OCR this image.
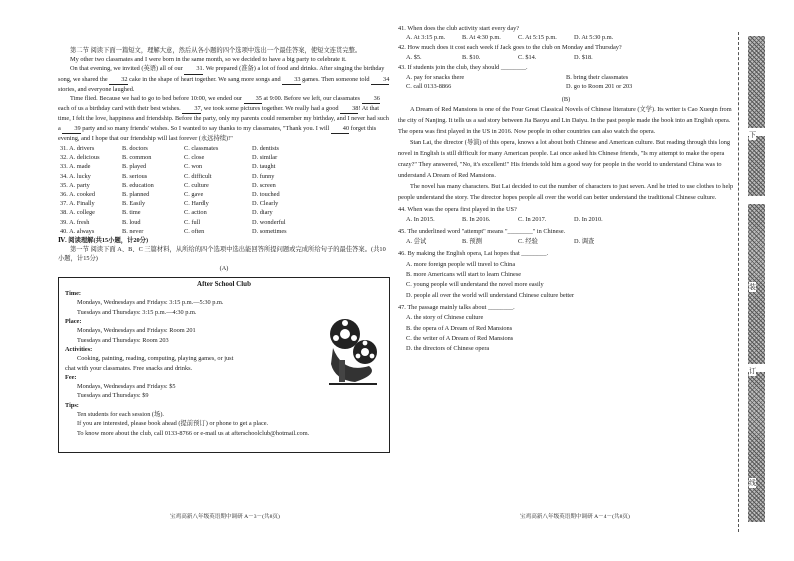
第二节 阅读下面一篇短文，理解大意，然后从各小题的四个选项中选出一个最佳答案，使短文连贯完整。

My other two classmates and I were born in the same month, so we decided to have a big party to celebrate it.

On that evening, we invited (英语) all of our 31. We prepared (准备) a lot of food and drinks. After singing the birthday song, we shared the 32 cake in the shape of heart together. We sang more songs and 33 games. Then someone told 34 stories, and everyone laughed.

Time flied. Because we had to go to bed before 10:00, we ended our 35 at 9:00. Before we left, our classmates 36 each of us a birthday card with their best wishes. 37, we took some pictures together. We really had a good 38! At that time, I felt the love, happiness and friendship. Before the party, only my parents could remember my birthday, and I never had such a 39 party and so many friends' wishes. So I wanted to say thanks to my classmates, "Thank you. I will 40 forget this evening, and I hope that our friendship will last forever (永远持续)!"

31. A. drivers	B. doctors	C. classmates	D. dentists
32. A. delicious	B. common	C. close	D. similar
33. A. made	B. played	C. won	D. taught
34. A. lucky	B. serious	C. difficult	D. funny
35. A. party	B. education	C. culture	D. screen
36. A. cooked	B. planned	C. gave	D. touched
37. A. Finally	B. Easily	C. Hardly	D. Clearly
38. A. college	B. time	C. action	D. diary
39. A. fresh	B. loud	C. full	D. wonderful
40. A. always	B. never	C. often	D. sometimes

Ⅳ. 阅读理解(共15小题，计20分)

第一节 阅读下面 A、B、C 三篇材料，从所给的四个选项中选出能回答所提问题或完成所给句子的最佳答案。(共10小题，计15分)

(A)

After School Club
Time:
Mondays, Wednesdays and Fridays: 3:15 p.m.—5:30 p.m.
Tuesdays and Thursdays: 3:15 p.m.—4:30 p.m.
Place:
Mondays, Wednesdays and Fridays: Room 201
Tuesdays and Thursdays: Room 203
Activities:
Cooking, painting, reading, computing, playing games, or just
chat with your classmates. Free snacks and drinks.
Fee:
Mondays, Wednesdays and Fridays: $5
Tuesdays and Thursdays: $9
Tips:
Ten students for each session (场).
If you are interested, please book ahead (提前预订) or phone to get a place.
To know more about the club, call 0133-8766 or e-mail us at afterschoolclub@hotmail.com.

41. When does the club activity start every day?

A. At 3:15 p.m.	B. At 4:30 p.m.	C. At 5:15 p.m.	D. At 5:30 p.m.

42. How much does it cost each week if Jack goes to the club on Monday and Thursday?

A. $5.	B. $10.	C. $14.	D. $18.

43. If students join the club, they should ________.

A. pay for snacks there	B. bring their classmates
C. call 0133-8866	D. go to Room 201 or 203

(B)

A Dream of Red Mansions is one of the Four Great Classical Novels of Chinese literature (文学). Its writer is Cao Xueqin from the city of Nanjing. It tells us a sad story between Jia Baoyu and Lin Daiyu. In the past people made the book into an English opera. The opera was first played in the US in 2016. Now people in other countries can also watch the opera.

Stan Lai, the director (导演) of this opera, knows a lot about both Chinese and American culture. But reading through this long novel in English is still difficult for many American people. Lai once asked his Chinese friends, "Is my attempt to make the opera crazy?" They answered, "No, it's excellent!" His friends told him a good way for people in the world to understand China was to understand A Dream of Red Mansions.

The novel has many characters. But Lai decided to cut the number of characters to just seven. And he tried to use clothes to help people understand the story. The director hopes people all over the world can better understand the traditional Chinese culture.

44. When was the opera first played in the US?

A. In 2015.	B. In 2016.	C. In 2017.	D. In 2010.

45. The underlined word "attempt" means "________" in Chinese.

A. 尝试	B. 预测	C. 经验	D. 调查

46. By making the English opera, Lai hopes that ________.

A. more foreign people will travel to China
B. more Americans will start to learn Chinese
C. young people will understand the novel more easily
D. people all over the world will understand Chinese culture better

47. The passage mainly talks about ________.

A. the story of Chinese culture
B. the opera of A Dream of Red Mansions
C. the writer of A Dream of Red Mansions
D. the directors of Chinese opera
宝鸡高新八年级英语期中调研 A－3－(共8页)	宝鸡高新八年级英语期中调研 A－4－(共8页)
下
装
订
线
